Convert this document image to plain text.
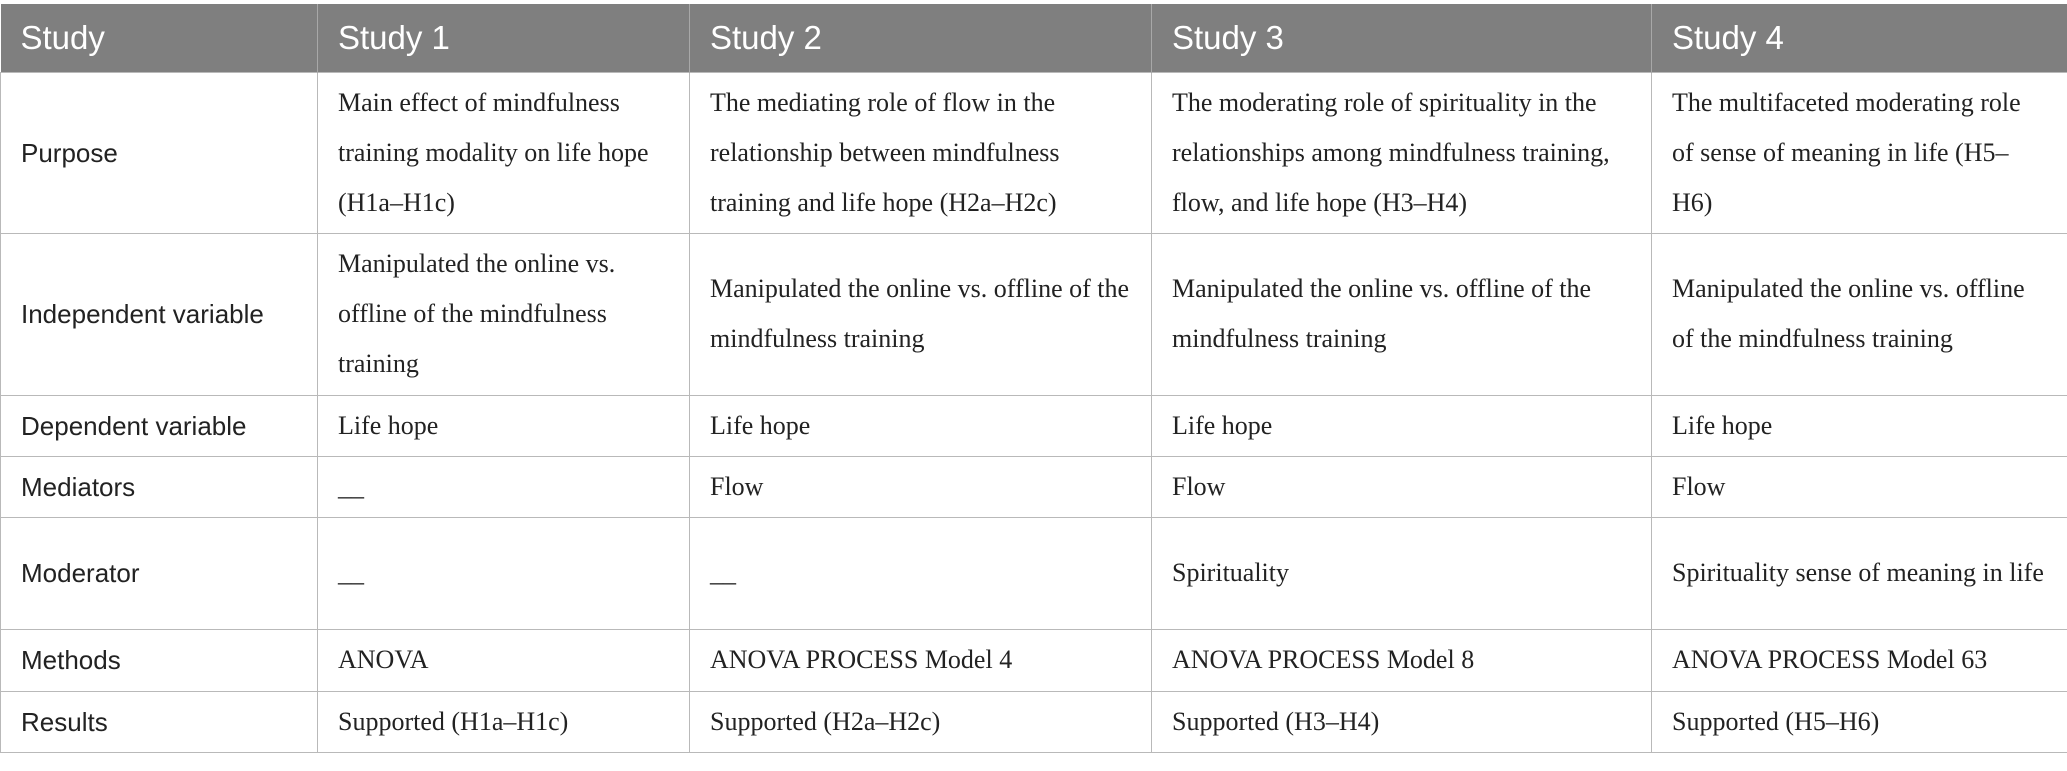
Study	Study 1	Study 2	Study 3	Study 4
Purpose	Main effect of mindfulness training modality on life hope (H1a–H1c)	The mediating role of flow in the relationship between mindfulness training and life hope (H2a–H2c)	The moderating role of spirituality in the relationships among mindfulness training, flow, and life hope (H3–H4)	The multifaceted moderating role of sense of meaning in life (H5–H6)
Independent variable	Manipulated the online vs. offline of the mindfulness training	Manipulated the online vs. offline of the mindfulness training	Manipulated the online vs. offline of the mindfulness training	Manipulated the online vs. offline of the mindfulness training
Dependent variable	Life hope	Life hope	Life hope	Life hope
Mediators	__	Flow	Flow	Flow
Moderator	__	__	Spirituality	Spirituality sense of meaning in life
Methods	ANOVA	ANOVA PROCESS Model 4	ANOVA PROCESS Model 8	ANOVA PROCESS Model 63
Results	Supported (H1a–H1c)	Supported (H2a–H2c)	Supported (H3–H4)	Supported (H5–H6)
